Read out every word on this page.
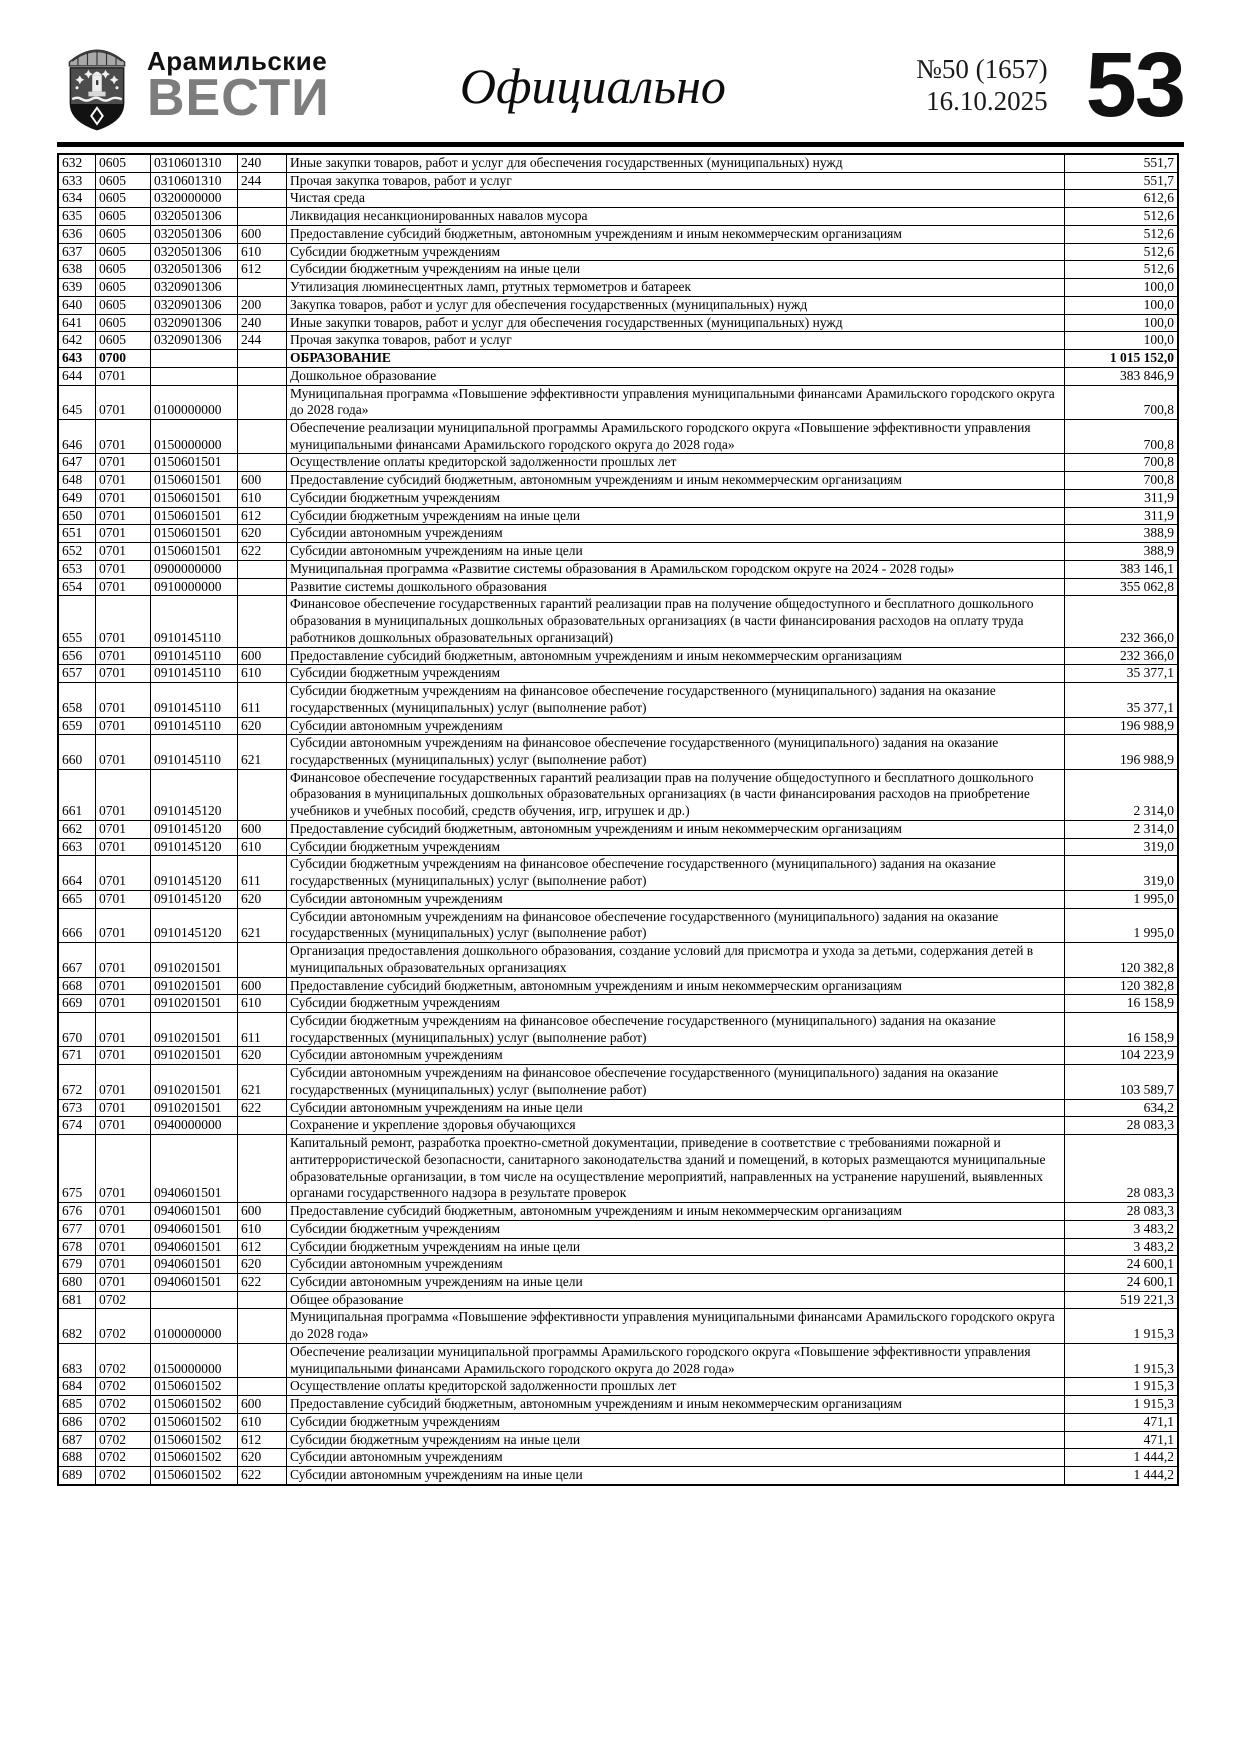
Арамильские
ВЕСТИ	Официально	№50 (1657)
16.10.2025 53
632	0605	0310601310	240	Иные закупки товаров, работ и услуг для обеспечения государственных (муниципальных) нужд	551,7
633	0605	0310601310	244	Прочая закупка товаров, работ и услуг	551,7
634	0605	0320000000		Чистая среда	612,6
635	0605	0320501306		Ликвидация несанкционированных навалов мусора	512,6
636	0605	0320501306	600	Предоставление субсидий бюджетным, автономным учреждениям и иным некоммерческим организациям	512,6
637	0605	0320501306	610	Субсидии бюджетным учреждениям	512,6
638	0605	0320501306	612	Субсидии бюджетным учреждениям на иные цели	512,6
639	0605	0320901306		Утилизация люминесцентных ламп, ртутных термометров и батареек	100,0
640	0605	0320901306	200	Закупка товаров, работ и услуг для обеспечения государственных (муниципальных) нужд	100,0
641	0605	0320901306	240	Иные закупки товаров, работ и услуг для обеспечения государственных (муниципальных) нужд	100,0
642	0605	0320901306	244	Прочая закупка товаров, работ и услуг	100,0
643	0700			ОБРАЗОВАНИЕ	1 015 152,0
644	0701			Дошкольное образование	383 846,9
645	0701	0100000000		Муниципальная программа «Повышение эффективности управления муниципальными финансами Арамильского городского округа до 2028 года»	700,8
646	0701	0150000000		Обеспечение реализации муниципальной программы Арамильского городского округа «Повышение эффективности управления муниципальными финансами Арамильского городского округа до 2028 года»	700,8
647	0701	0150601501		Осуществление оплаты кредиторской задолженности прошлых лет	700,8
648	0701	0150601501	600	Предоставление субсидий бюджетным, автономным учреждениям и иным некоммерческим организациям	700,8
649	0701	0150601501	610	Субсидии бюджетным учреждениям	311,9
650	0701	0150601501	612	Субсидии бюджетным учреждениям на иные цели	311,9
651	0701	0150601501	620	Субсидии автономным учреждениям	388,9
652	0701	0150601501	622	Субсидии автономным учреждениям на иные цели	388,9
653	0701	0900000000		Муниципальная программа «Развитие системы образования в Арамильском городском округе на 2024 - 2028 годы»	383 146,1
654	0701	0910000000		Развитие системы дошкольного образования	355 062,8
655	0701	0910145110		Финансовое обеспечение государственных гарантий реализации прав на получение общедоступного и бесплатного дошкольного образования в муниципальных дошкольных образовательных организациях (в части финансирования расходов на оплату труда работников дошкольных образовательных организаций)	232 366,0
656	0701	0910145110	600	Предоставление субсидий бюджетным, автономным учреждениям и иным некоммерческим организациям	232 366,0
657	0701	0910145110	610	Субсидии бюджетным учреждениям	35 377,1
658	0701	0910145110	611	Субсидии бюджетным учреждениям на финансовое обеспечение государственного (муниципального) задания на оказание государственных (муниципальных) услуг (выполнение работ)	35 377,1
659	0701	0910145110	620	Субсидии автономным учреждениям	196 988,9
660	0701	0910145110	621	Субсидии автономным учреждениям на финансовое обеспечение государственного (муниципального) задания на оказание государственных (муниципальных) услуг (выполнение работ)	196 988,9
661	0701	0910145120		Финансовое обеспечение государственных гарантий реализации прав на получение общедоступного и бесплатного дошкольного образования в муниципальных дошкольных образовательных организациях (в части финансирования расходов на приобретение учебников и учебных пособий, средств обучения, игр, игрушек и др.)	2 314,0
662	0701	0910145120	600	Предоставление субсидий бюджетным, автономным учреждениям и иным некоммерческим организациям	2 314,0
663	0701	0910145120	610	Субсидии бюджетным учреждениям	319,0
664	0701	0910145120	611	Субсидии бюджетным учреждениям на финансовое обеспечение государственного (муниципального) задания на оказание государственных (муниципальных) услуг (выполнение работ)	319,0
665	0701	0910145120	620	Субсидии автономным учреждениям	1 995,0
666	0701	0910145120	621	Субсидии автономным учреждениям на финансовое обеспечение государственного (муниципального) задания на оказание государственных (муниципальных) услуг (выполнение работ)	1 995,0
667	0701	0910201501		Организация предоставления дошкольного образования, создание условий для присмотра и ухода за детьми, содержания детей в муниципальных образовательных организациях	120 382,8
668	0701	0910201501	600	Предоставление субсидий бюджетным, автономным учреждениям и иным некоммерческим организациям	120 382,8
669	0701	0910201501	610	Субсидии бюджетным учреждениям	16 158,9
670	0701	0910201501	611	Субсидии бюджетным учреждениям на финансовое обеспечение государственного (муниципального) задания на оказание государственных (муниципальных) услуг (выполнение работ)	16 158,9
671	0701	0910201501	620	Субсидии автономным учреждениям	104 223,9
672	0701	0910201501	621	Субсидии автономным учреждениям на финансовое обеспечение государственного (муниципального) задания на оказание государственных (муниципальных) услуг (выполнение работ)	103 589,7
673	0701	0910201501	622	Субсидии автономным учреждениям на иные цели	634,2
674	0701	0940000000		Сохранение и укрепление здоровья обучающихся	28 083,3
675	0701	0940601501		Капитальный ремонт, разработка проектно-сметной документации, приведение в соответствие с требованиями пожарной и антитеррористической безопасности, санитарного законодательства зданий и помещений, в которых размещаются муниципальные образовательные организации, в том числе на осуществление мероприятий, направленных на устранение нарушений, выявленных органами государственного надзора в результате проверок	28 083,3
676	0701	0940601501	600	Предоставление субсидий бюджетным, автономным учреждениям и иным некоммерческим организациям	28 083,3
677	0701	0940601501	610	Субсидии бюджетным учреждениям	3 483,2
678	0701	0940601501	612	Субсидии бюджетным учреждениям на иные цели	3 483,2
679	0701	0940601501	620	Субсидии автономным учреждениям	24 600,1
680	0701	0940601501	622	Субсидии автономным учреждениям на иные цели	24 600,1
681	0702			Общее образование	519 221,3
682	0702	0100000000		Муниципальная программа «Повышение эффективности управления муниципальными финансами Арамильского городского округа до 2028 года»	1 915,3
683	0702	0150000000		Обеспечение реализации муниципальной программы Арамильского городского округа «Повышение эффективности управления муниципальными финансами Арамильского городского округа до 2028 года»	1 915,3
684	0702	0150601502		Осуществление оплаты кредиторской задолженности прошлых лет	1 915,3
685	0702	0150601502	600	Предоставление субсидий бюджетным, автономным учреждениям и иным некоммерческим организациям	1 915,3
686	0702	0150601502	610	Субсидии бюджетным учреждениям	471,1
687	0702	0150601502	612	Субсидии бюджетным учреждениям на иные цели	471,1
688	0702	0150601502	620	Субсидии автономным учреждениям	1 444,2
689	0702	0150601502	622	Субсидии автономным учреждениям на иные цели	1 444,2
